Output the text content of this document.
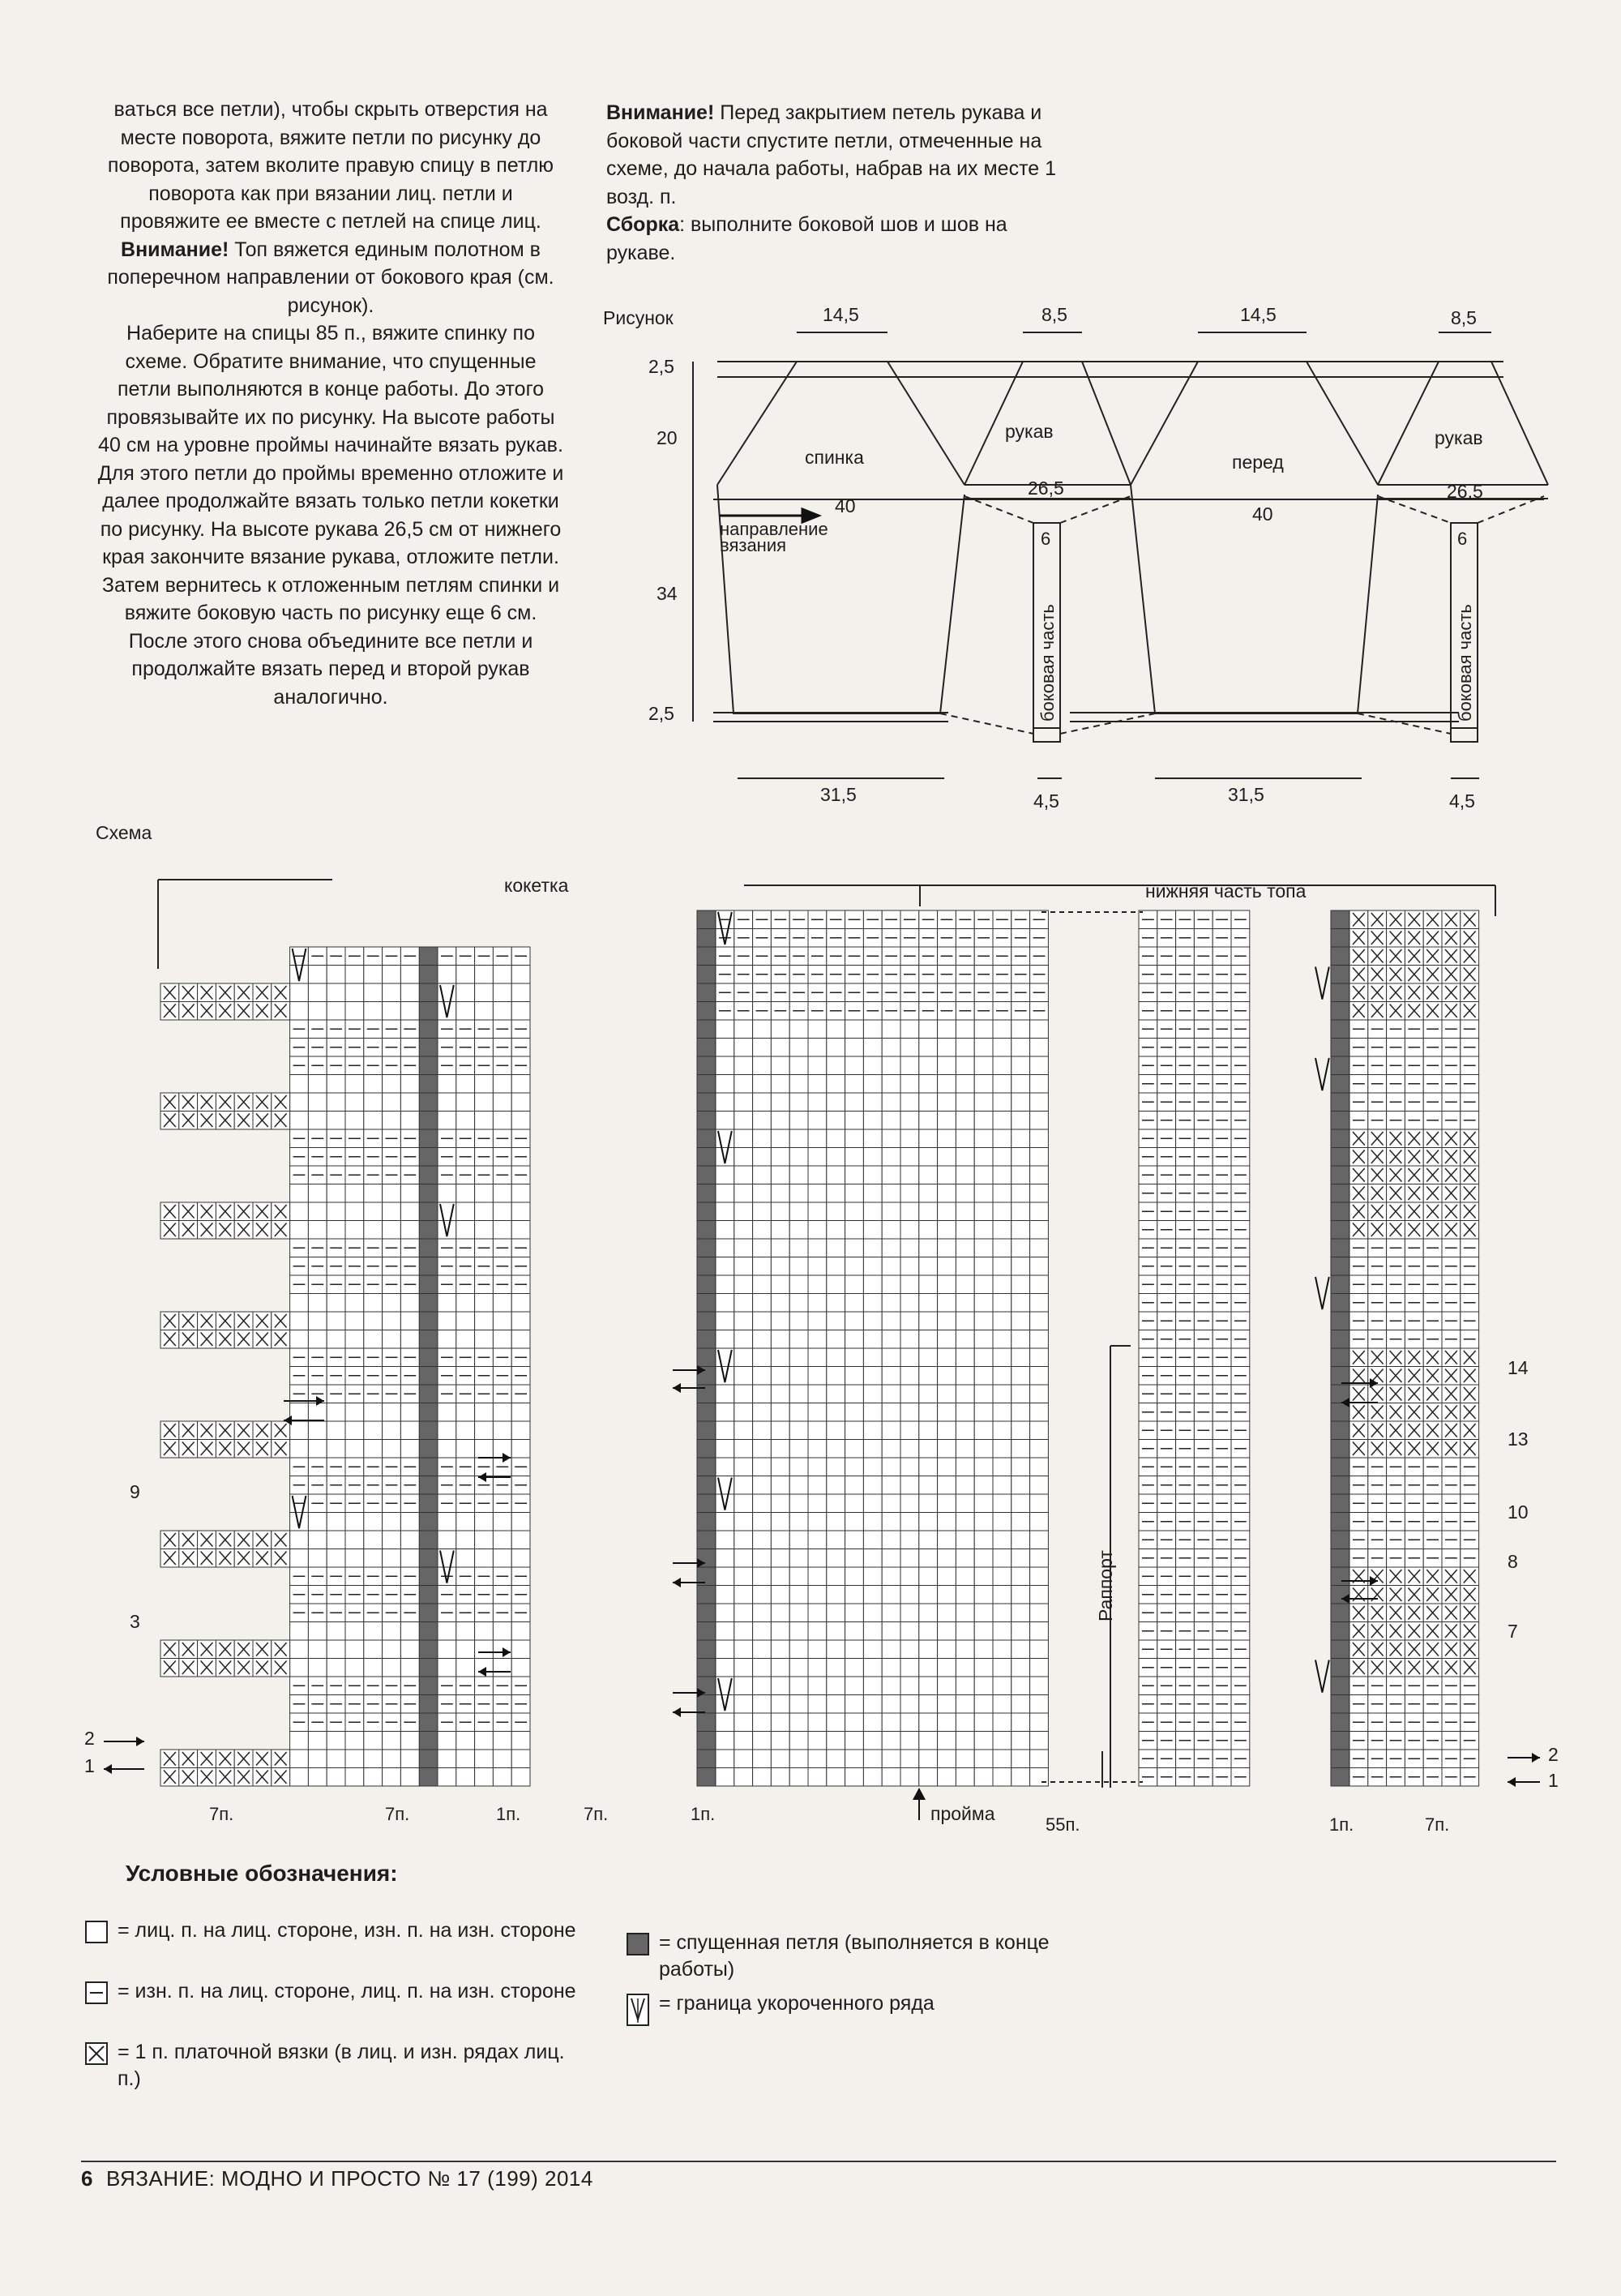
вaться все петли), чтобы скрыть отверстия на месте поворота, вяжите петли по рисунку до поворота, затем вколите правую спицу в петлю поворота как при вязании лиц. петли и провяжите ее вместе с петлей на спице лиц.
Внимание! Топ вяжется единым полотном в поперечном направлении от бокового края (см. рисунок).
Наберите на спицы 85 п., вяжите спинку по схеме. Обратите внимание, что спущенные петли выполняются в конце работы. До этого провязывайте их по рисунку. На высоте работы 40 см на уровне проймы начинайте вязать рукав. Для этого петли до проймы временно отложите и далее продолжайте вязать только петли кокетки по рисунку. На высоте рукава 26,5 см от нижнего края закончите вязание рукава, отложите петли. Затем вернитесь к отложенным петлям спинки и вяжите боковую часть по рисунку еще 6 см. После этого снова объедините все петли и продолжайте вязать перед и второй рукав аналогично.
Внимание! Перед закрытием петель рукава и боковой части спустите петли, отмеченные на схеме, до начала работы, набрав на их месте 1 возд. п.
Сборка: выполните боковой шов и шов на рукаве.
Рисунок
спинка
рукав
перед
рукав
направление
вязания
боковая часть	боковая часть
14,5	8,5	14,5	8,5
2,5
20
34
2,5
40	40
26,5	26,5
6	6
31,5	4,5	31,5	4,5
Схема
кокетка	нижняя часть топа
пройма
Раппорт
9
3
2
1
14
13
10
8
7
2
1
7п.	7п.	1п.	7п.	1п.
55п.	1п.	7п.
Условные обозначения:
= лиц. п. на лиц. стороне, изн. п. на изн. стороне
= изн. п. на лиц. стороне, лиц. п. на изн. стороне
= 1 п. платочной вязки (в лиц. и изн. рядах лиц. п.)
= спущенная петля (выполняется в конце работы)
= граница укороченного ряда
6 ВЯЗАНИЕ: МОДНО И ПРОСТО № 17 (199) 2014
